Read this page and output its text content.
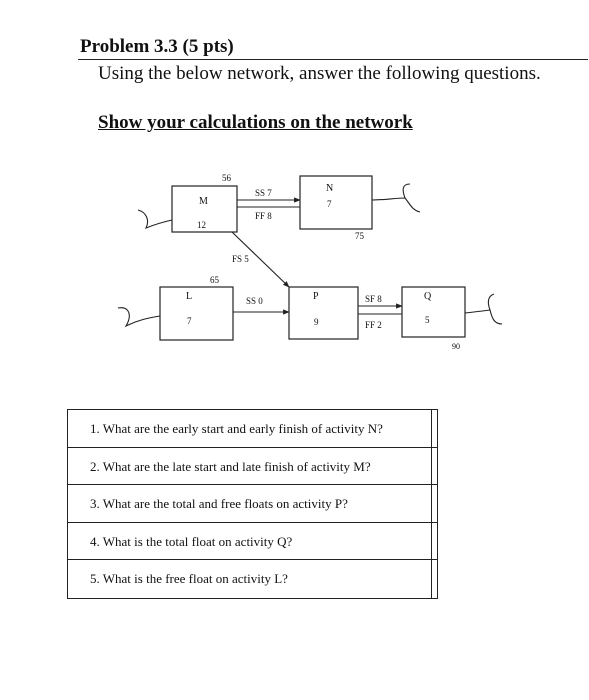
Problem 3.3 (5 pts)
Using the below network, answer the following questions.
Show your calculations on the network
M
12
N
7
L
7
P
9
Q
5
56
75
65
90
SS 7
FF 8
FS 5
SS 0	SF 8
FF 2
1. What are the early start and early finish of activity N?
2. What are the late start and late finish of activity M?
3. What are the total and free floats on activity P?
4. What is the total float on activity Q?
5. What is the free float on activity L?
